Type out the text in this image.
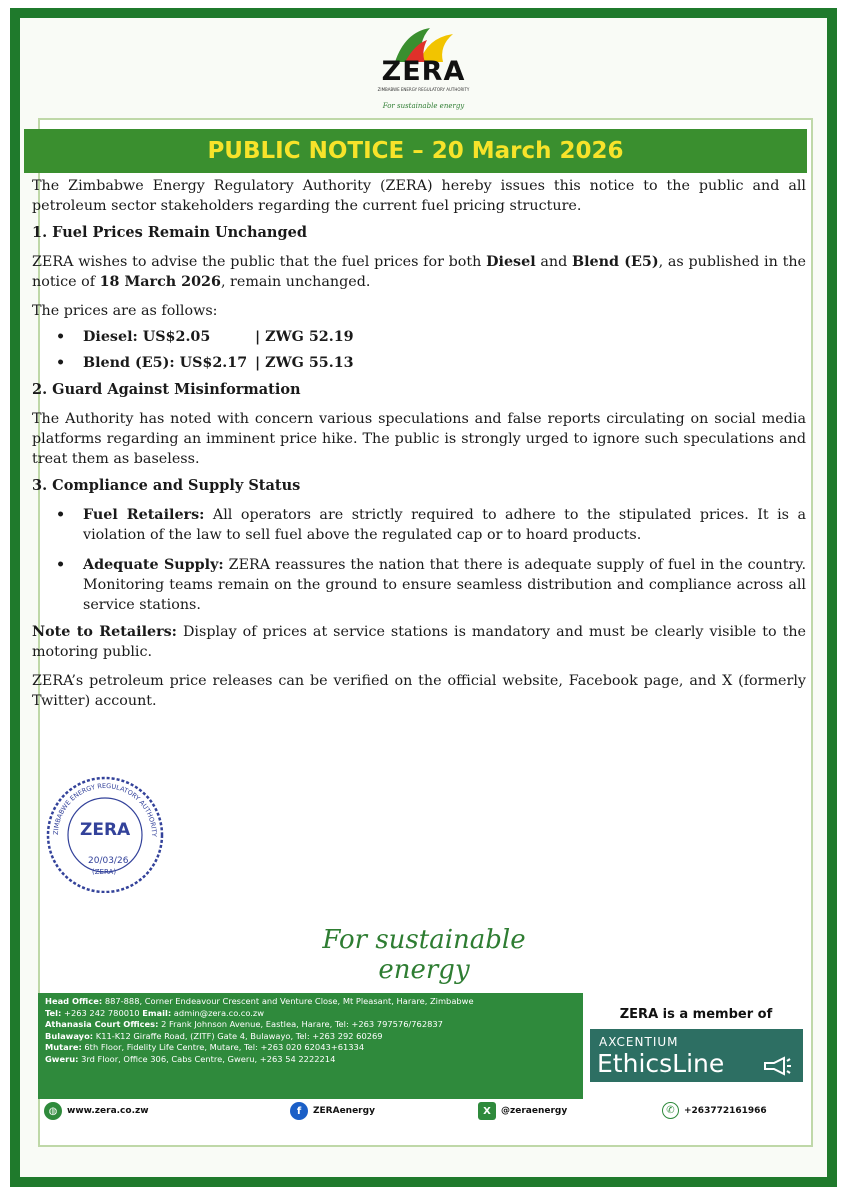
ZERA
ZIMBABWE ENERGY REGULATORY AUTHORITY
For sustainable energy
PUBLIC NOTICE – 20 March 2026

The Zimbabwe Energy Regulatory Authority (ZERA) hereby issues this notice to the public and all petroleum sector stakeholders regarding the current fuel pricing structure.

1. Fuel Prices Remain Unchanged

ZERA wishes to advise the public that the fuel prices for both Diesel and Blend (E5), as published in the notice of 18 March 2026, remain unchanged.

The prices are as follows:

• Diesel: US$2.05	| ZWG 52.19
• Blend (E5): US$2.17 | ZWG 55.13
2. Guard Against Misinformation

The Authority has noted with concern various speculations and false reports circulating on social media platforms regarding an imminent price hike. The public is strongly urged to ignore such speculations and treat them as baseless.

3. Compliance and Supply Status
• Fuel Retailers: All operators are strictly required to adhere to the stipulated prices. It is a violation of the law to sell fuel above the regulated cap or to hoard products.
• Adequate Supply: ZERA reassures the nation that there is adequate supply of fuel in the country. Monitoring teams remain on the ground to ensure seamless distribution and compliance across all service stations.

Note to Retailers: Display of prices at service stations is mandatory and must be clearly visible to the motoring public.

ZERA’s petroleum price releases can be verified on the official website, Facebook page, and X (formerly Twitter) account.

ZIMBABWE ENERGY REGULATORY AUTHORITY
ZERA
20/03/26
(ZERA)
For sustainable energy
Head Office: 887-888, Corner Endeavour Crescent and Venture Close, Mt Pleasant, Harare, Zimbabwe
Tel: +263 242 780010 Email: admin@zera.co.co.zw
Athanasia Court Offices: 2 Frank Johnson Avenue, Eastlea, Harare, Tel: +263 797576/762837
Bulawayo: K11-K12 Giraffe Road, (ZITF) Gate 4, Bulawayo, Tel: +263 292 60269
Mutare: 6th Floor, Fidelity Life Centre, Mutare, Tel: +263 020 62043+61334
Gweru: 3rd Floor, Office 306, Cabs Centre, Gweru, +263 54 2222214
ZERA is a member of
AXCENTIUM
EthicsLine
◍	www.zera.co.zw	f	ZERAenergy	X	@zeraenergy	✆	+263772161966
